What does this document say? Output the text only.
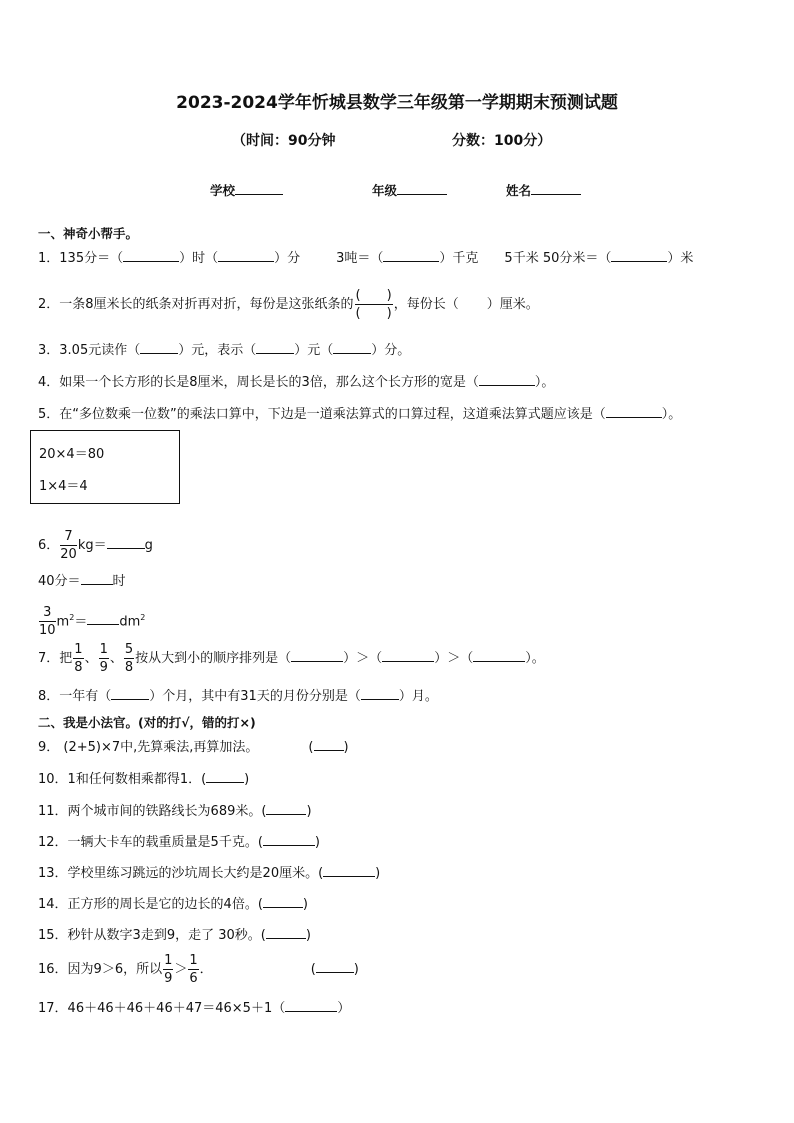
2023-2024学年忻城县数学三年级第一学期期末预测试题
（时间：90分钟	分数：100分）
学校	年级	姓名
一、神奇小帮手。
1．135分＝（	）时（	）分	3吨＝（	）千克 5千米 50分米＝（	）米
2．一条8厘米长的纸条对折再对折，每份是这张纸条的 $\frac{( )}{( )}$ ，每份长（ ）厘米。
3．3.05元读作（	）元，表示（	）元（	）分。
4．如果一个长方形的长是8厘米，周长是长的3倍，那么这个长方形的宽是（	）。
5．在“多位数乘一位数”的乘法口算中，下边是一道乘法算式的口算过程，这道乘法算式题应该是（	）。
20×4＝80
1×4＝4
6． $\frac{7}{20} kg=$	g
40分＝ 时
$\frac{3}{10} m^2= dm^2$
7．把 $\frac{1}{8}$ 、 $\frac{1}{9}$ 、 $\frac{5}{8}$ 按从大到小的顺序排列是（	）＞（	）＞（	）。
8．一年有（	）个月，其中有31天的月份分别是（	）月。
二、我是小法官。(对的打√，错的打×)
9． (2+5)×7中,先算乘法,再算加法。	( )
10．1和任何数相乘都得1．(	)
11．两个城市间的铁路线长为689米。(	)
12．一辆大卡车的载重质量是5千克。(	)
13．学校里练习跳远的沙坑周长大约是20厘米。(	)
14．正方形的周长是它的边长的4倍。(	)
15．秒针从数字3走到9，走了 30秒。(	)
16．因为9＞6，所以 $\frac{1}{9} > \frac{1}{6}$ ．	(	)
17．46＋46＋46＋46＋47＝46×5＋1（	）
